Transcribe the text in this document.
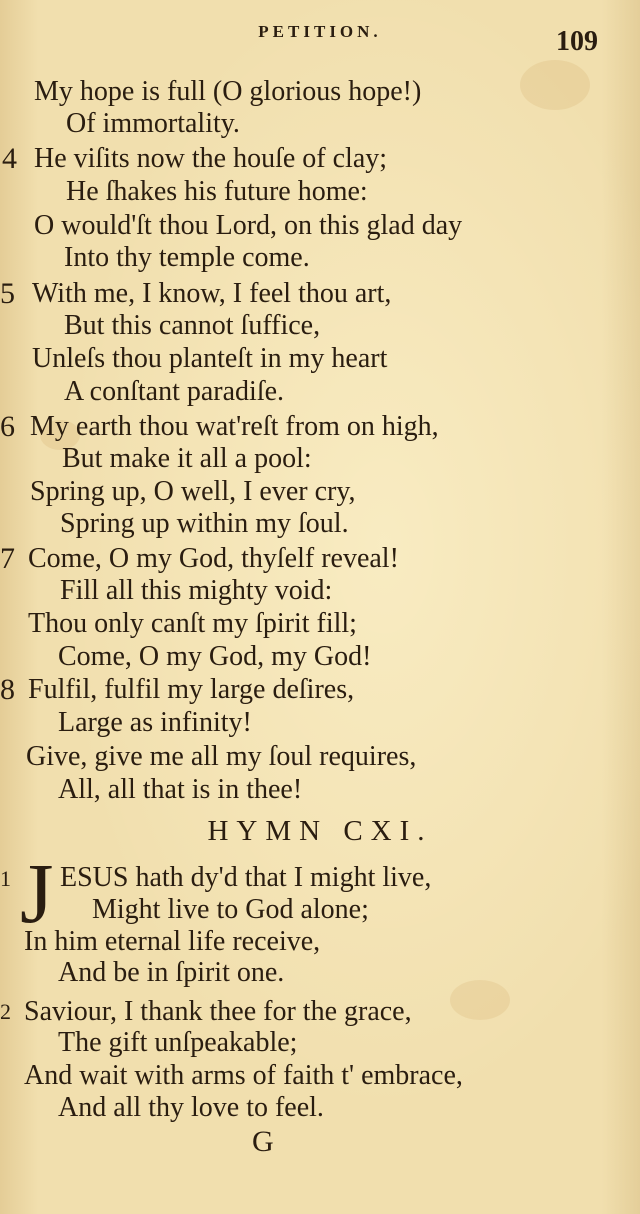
PETITION.	109
My hope is full (O glorious hope!)
Of immortality.
4 He viſits now the houſe of clay;
He ſhakes his future home:
O would'ſt thou Lord, on this glad day
Into thy temple come.
5 With me, I know, I feel thou art,
But this cannot ſuffice,
Unleſs thou planteſt in my heart
A conſtant paradiſe.
6 My earth thou wat'reſt from on high,
But make it all a pool:
Spring up, O well, I ever cry,
Spring up within my ſoul.
7 Come, O my God, thyſelf reveal!
Fill all this mighty void:
Thou only canſt my ſpirit fill;
Come, O my God, my God!
8 Fulfil, fulfil my large deſires,
Large as infinity!
Give, give me all my ſoul requires,
All, all that is in thee!
HYMN CXI.
1 J ESUS hath dy'd that I might live,
Might live to God alone;
In him eternal life receive,
And be in ſpirit one.
2 Saviour, I thank thee for the grace,
The gift unſpeakable;
And wait with arms of faith t' embrace,
And all thy love to feel.
G
